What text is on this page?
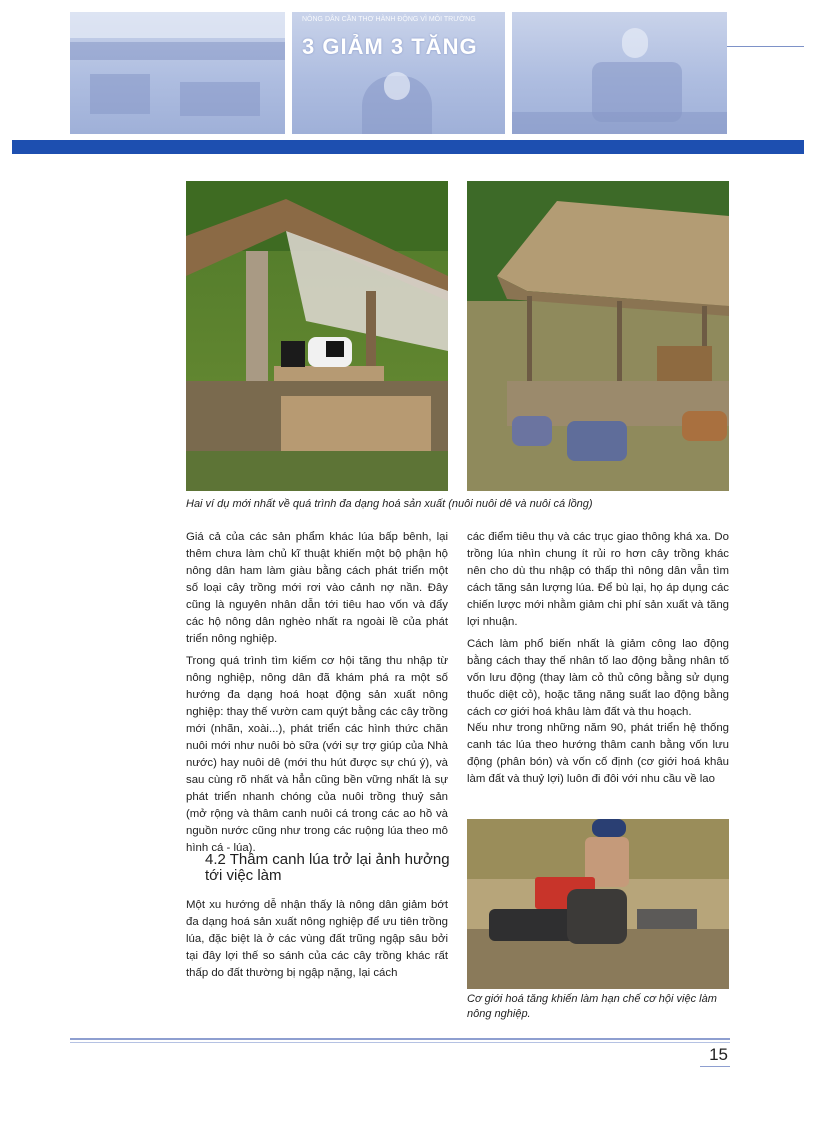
NÔNG DÂN CẦN THƠ HÀNH ĐỘNG VÌ MÔI TRƯỜNG
3 GIẢM 3 TĂNG
Hai ví dụ mới nhất về quá trình đa dạng hoá sản xuất (nuôi nuôi dê và nuôi cá lồng)

Giá cả của các sản phẩm khác lúa bấp bênh, lại thêm chưa làm chủ kĩ thuật khiến một bộ phận hộ nông dân ham làm giàu bằng cách phát triển một số loại cây trồng mới rơi vào cảnh nợ nần. Đây cũng là nguyên nhân dẫn tới tiêu hao vốn và đẩy các hộ nông dân nghèo nhất ra ngoài lề của phát triển nông nghiệp.

Trong quá trình tìm kiếm cơ hội tăng thu nhập từ nông nghiệp, nông dân đã khám phá ra một số hướng đa dạng hoá hoạt động sản xuất nông nghiệp: thay thế vườn cam quýt bằng các cây trồng mới (nhãn, xoài...), phát triển các hình thức chăn nuôi mới như nuôi bò sữa (với sự trợ giúp của Nhà nước) hay nuôi dê (mới thu hút được sự chú ý), và sau cùng rõ nhất và hẳn cũng bền vững nhất là sự phát triển nhanh chóng của nuôi trồng thuỷ sản (mở rộng và thâm canh nuôi cá trong các ao hồ và nguồn nước cũng như trong các ruộng lúa theo mô hình cá - lúa).

4.2 Thâm canh lúa trở lại ảnh hưởng tới việc làm

Một xu hướng dễ nhận thấy là nông dân giảm bớt đa dạng hoá sản xuất nông nghiệp để ưu tiên trồng lúa, đặc biệt là ở các vùng đất trũng ngập sâu bởi tại đây lợi thế so sánh của các cây trồng khác rất thấp do đất thường bị ngập nặng, lại cách

các điểm tiêu thụ và các trục giao thông khá xa. Do trồng lúa nhìn chung ít rủi ro hơn cây trồng khác nên cho dù thu nhập có thấp thì nông dân vẫn tìm cách tăng sản lượng lúa. Để bù lại, họ áp dụng các chiến lược mới nhằm giảm chi phí sản xuất và tăng lợi nhuận.

Cách làm phổ biến nhất là giảm công lao động bằng cách thay thế nhân tố lao động bằng nhân tố vốn lưu động (thay làm cỏ thủ công bằng sử dụng thuốc diệt cỏ), hoặc tăng năng suất lao động bằng cách cơ giới hoá khâu làm đất và thu hoạch.

Nếu như trong những năm 90, phát triển hệ thống canh tác lúa theo hướng thâm canh bằng vốn lưu động (phân bón) và vốn cố định (cơ giới hoá khâu làm đất và thuỷ lợi) luôn đi đôi với nhu cầu về lao

Cơ giới hoá tăng khiến làm hạn chế cơ hội việc làm nông nghiệp.
15
